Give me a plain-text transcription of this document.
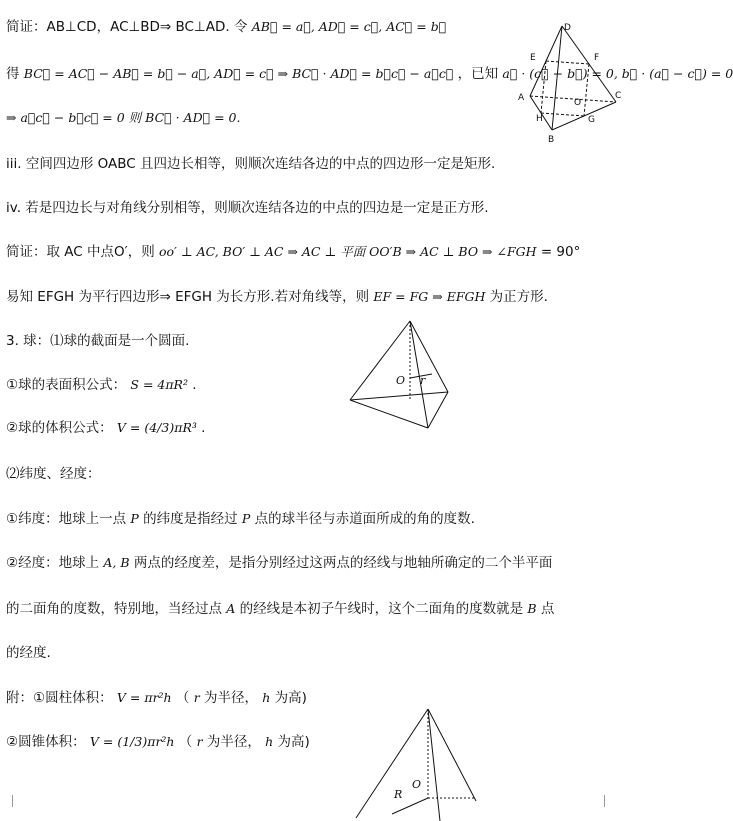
简证：AB⊥CD，AC⊥BD⇒ BC⊥AD. 令 AB⃗ = a⃗, AD⃗ = c⃗, AC⃗ = b⃗
得 BC⃗ = AC⃗ − AB⃗ = b⃗ − a⃗, AD⃗ = c⃗ ⇒ BC⃗ · AD⃗ = b⃗c⃗ − a⃗c⃗ ，已知 a⃗ · (c⃗ − b⃗) = 0, b⃗ · (a⃗ − c⃗) = 0
⇒ a⃗c⃗ − b⃗c⃗ = 0 则 BC⃗ · AD⃗ = 0.
iii. 空间四边形 OABC 且四边长相等，则顺次连结各边的中点的四边形一定是矩形.
iv. 若是四边长与对角线分别相等，则顺次连结各边的中点的四边是一定是正方形.
简证：取 AC 中点O′，则 oo′ ⊥ AC, BO′ ⊥ AC ⇒ AC ⊥ 平面 OO′B ⇒ AC ⊥ BO ⇒ ∠FGH = 90°
易知 EFGH 为平行四边形⇒ EFGH 为长方形.若对角线等，则 EF = FG ⇒ EFGH 为正方形.
3. 球：⑴球的截面是一个圆面.
①球的表面积公式： S = 4πR² .
②球的体积公式： V = (4/3)πR³ .
⑵纬度、经度：
①纬度：地球上一点 P 的纬度是指经过 P 点的球半径与赤道面所成的角的度数.
②经度：地球上 A, B 两点的经度差，是指分别经过这两点的经线与地轴所确定的二个半平面
的二面角的度数，特别地，当经过点 A 的经线是本初子午线时，这个二面角的度数就是 B 点
的经度.
附：①圆柱体积： V = πr²h （ r 为半径， h 为高)
②圆锥体积： V = (1/3)πr²h （ r 为半径， h 为高)
D
E	F
A	O
C
H	G
B
O r
R
O
